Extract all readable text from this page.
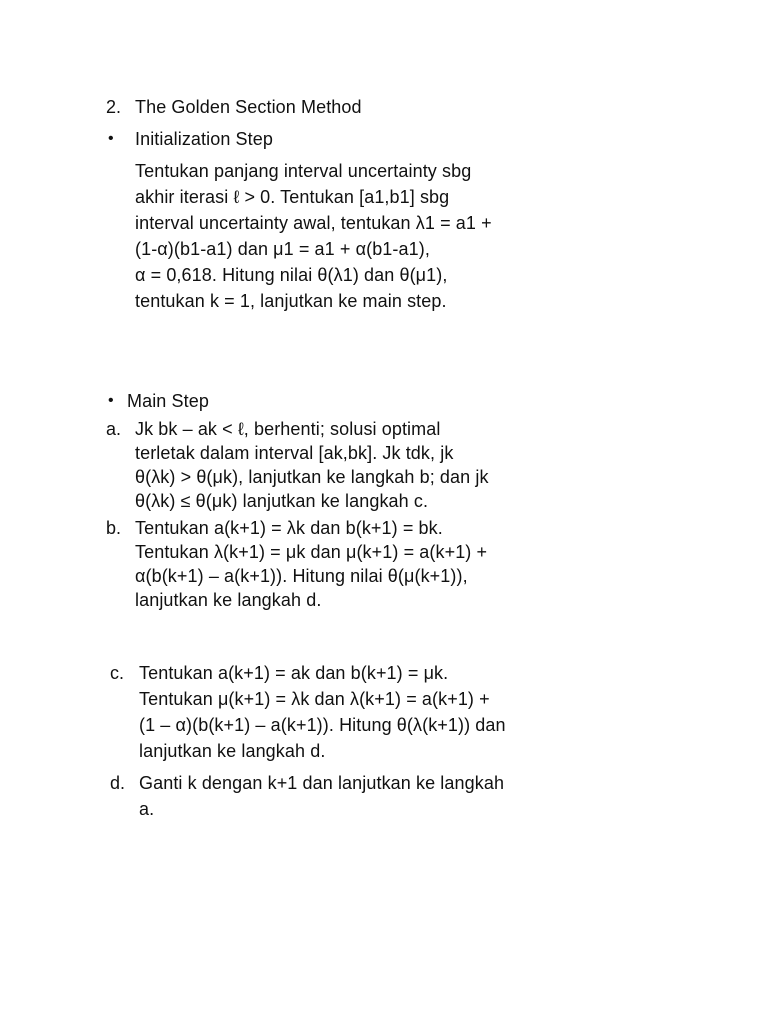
2. The Golden Section Method
• Initialization Step
Tentukan panjang interval uncertainty sbg
akhir iterasi ℓ > 0. Tentukan [a1,b1] sbg
interval uncertainty awal, tentukan λ1 = a1 +
(1-α)(b1-a1) dan μ1 = a1 + α(b1-a1),
α = 0,618. Hitung nilai θ(λ1) dan θ(μ1),
tentukan k = 1, lanjutkan ke main step.
• Main Step
a. Jk bk – ak < ℓ, berhenti; solusi optimal
terletak dalam interval [ak,bk]. Jk tdk, jk
θ(λk) > θ(μk), lanjutkan ke langkah b; dan jk
θ(λk) ≤ θ(μk) lanjutkan ke langkah c.
b. Tentukan a(k+1) = λk dan b(k+1) = bk.
Tentukan λ(k+1) = μk dan μ(k+1) = a(k+1) +
α(b(k+1) – a(k+1)). Hitung nilai θ(μ(k+1)),
lanjutkan ke langkah d.
c. Tentukan a(k+1) = ak dan b(k+1) = μk.
Tentukan μ(k+1) = λk dan λ(k+1) = a(k+1) +
(1 – α)(b(k+1) – a(k+1)). Hitung θ(λ(k+1)) dan
lanjutkan ke langkah d.
d. Ganti k dengan k+1 dan lanjutkan ke langkah
a.
